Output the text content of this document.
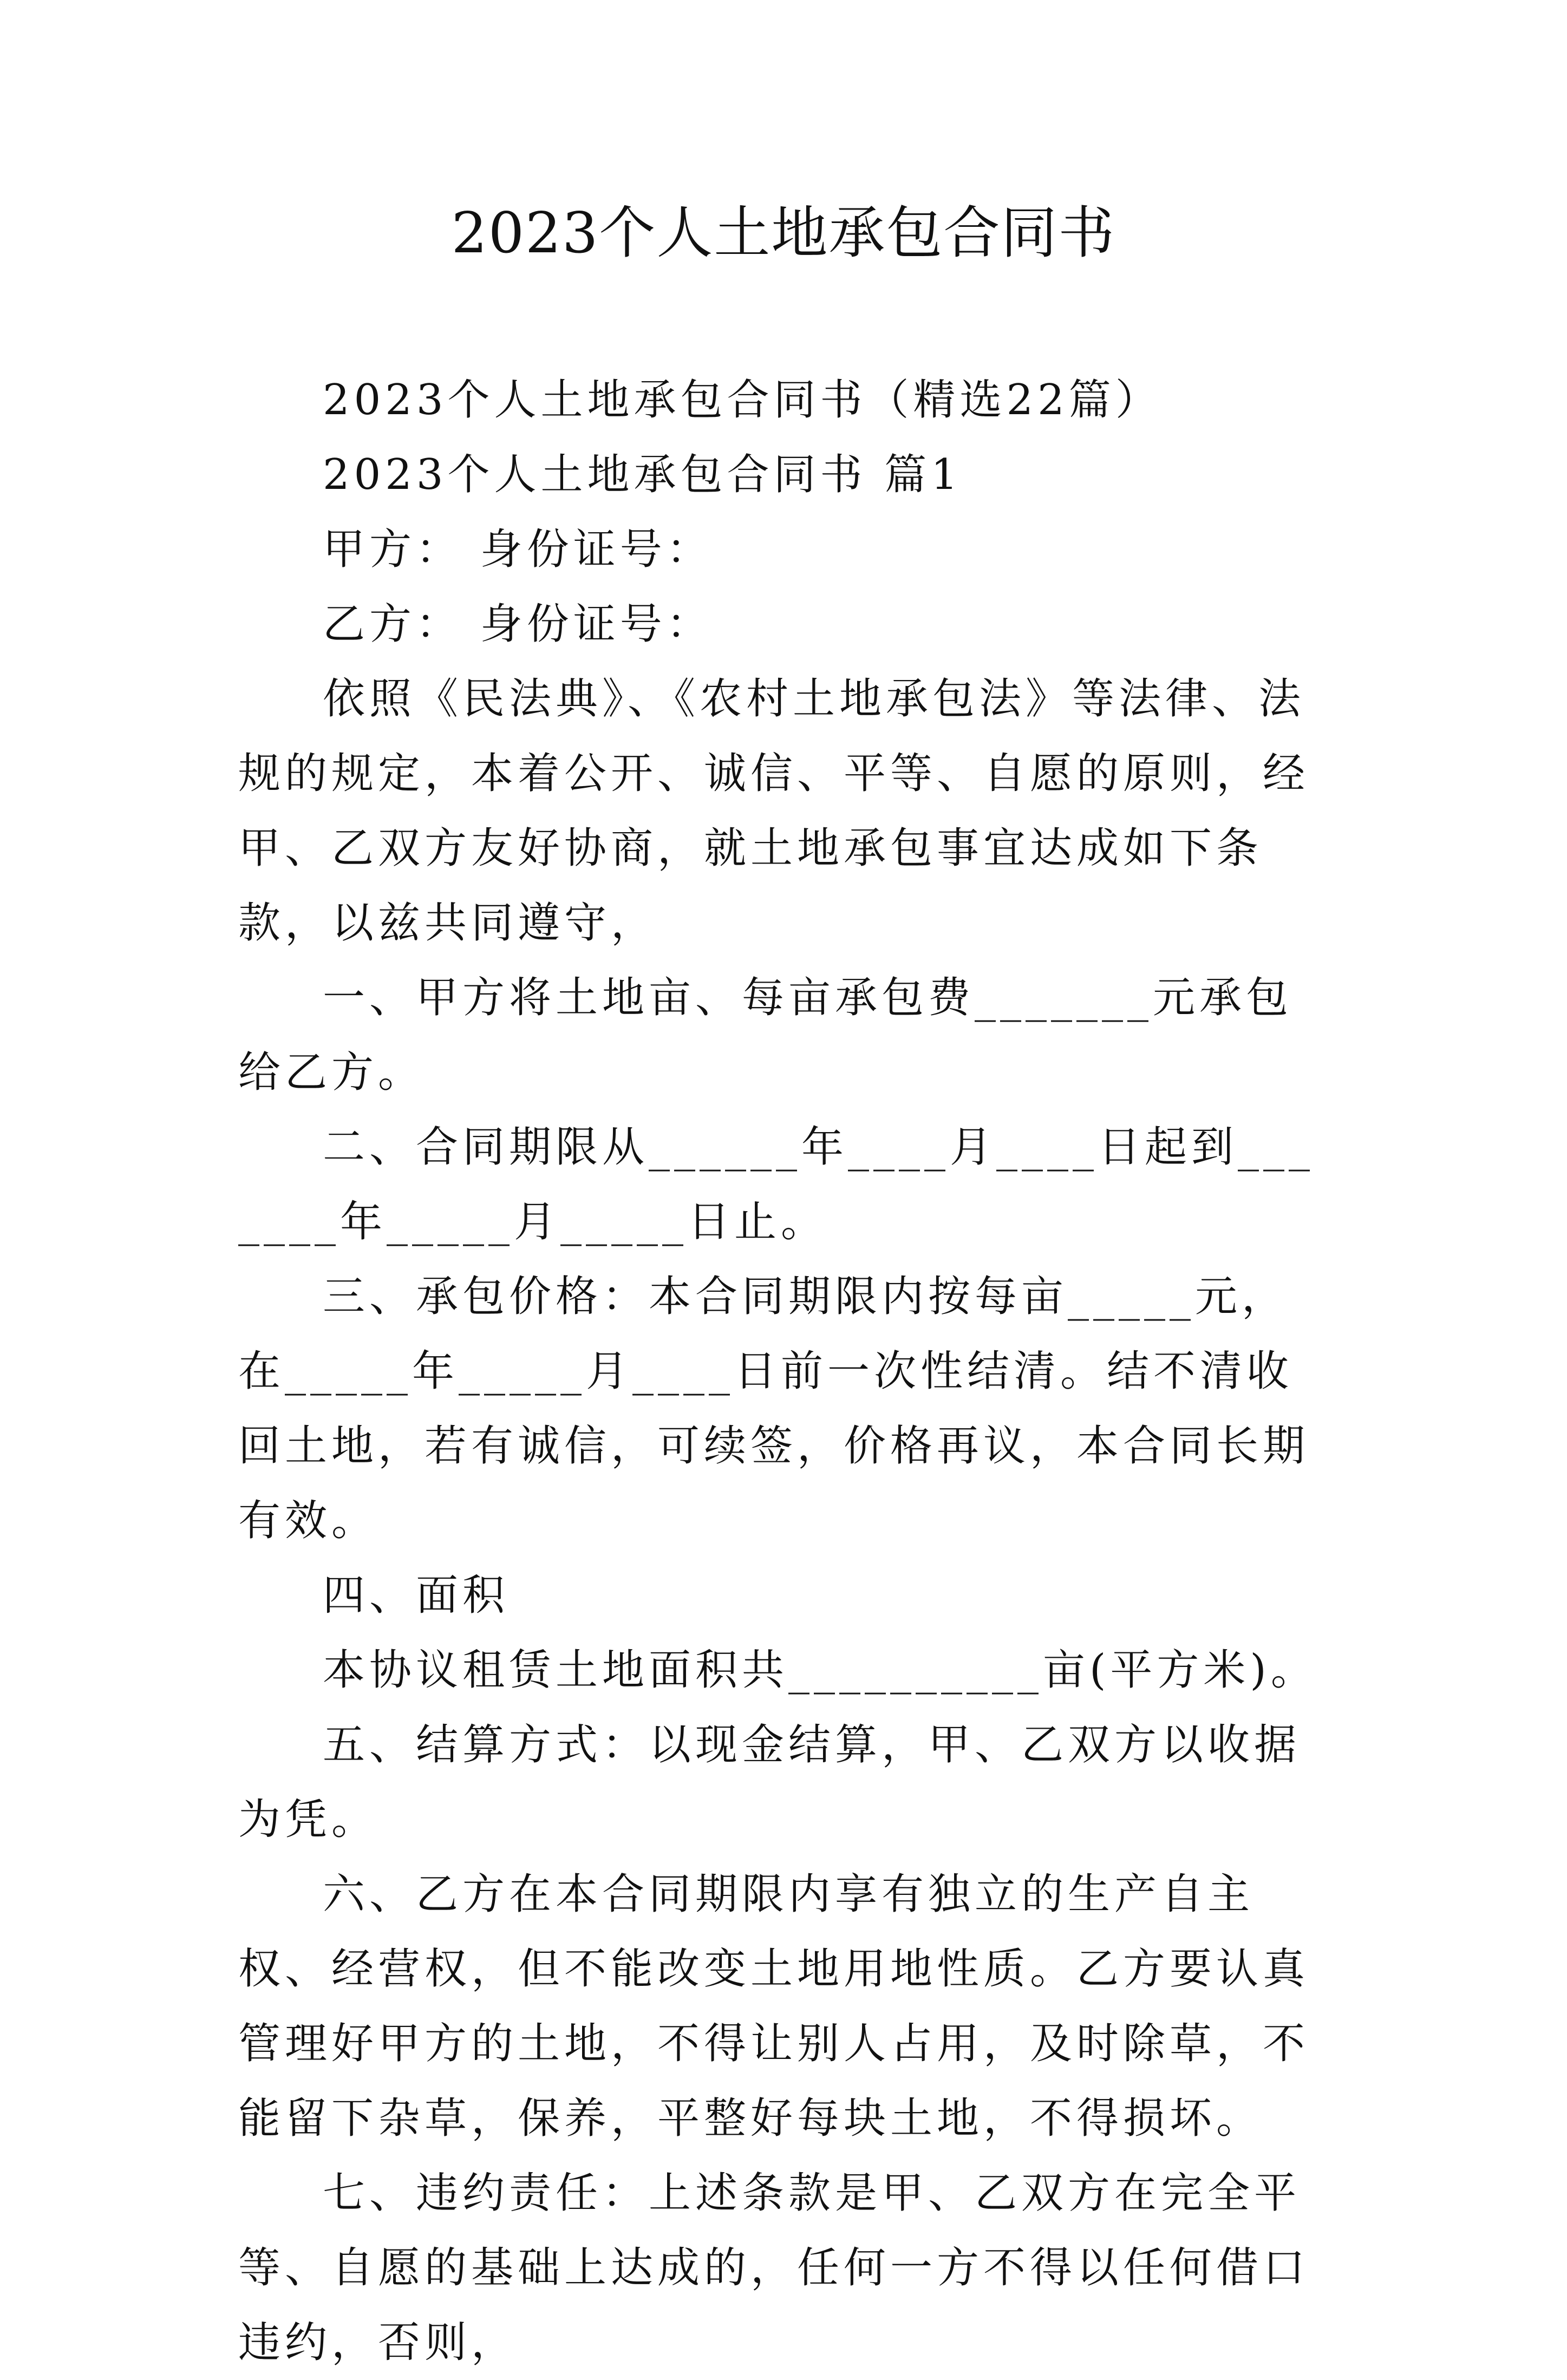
2023个人土地承包合同书

2023个人土地承包合同书（精选22篇）

2023个人土地承包合同书 篇1

甲方： 身份证号：

乙方： 身份证号：

依照《民法典》、《农村土地承包法》等法律、法规的规定，本着公开、诚信、平等、自愿的原则，经甲、乙双方友好协商，就土地承包事宜达成如下条款，以兹共同遵守，

一、甲方将土地亩、每亩承包费_______元承包给乙方。

二、合同期限从______年____月____日起到_______年_____月_____日止。

三、承包价格：本合同期限内按每亩_____元，在_____年_____月____日前一次性结清。结不清收回土地，若有诚信，可续签，价格再议，本合同长期有效。

四、面积

本协议租赁土地面积共__________亩(平方米)。

五、结算方式：以现金结算，甲、乙双方以收据为凭。

六、乙方在本合同期限内享有独立的生产自主权、经营权，但不能改变土地用地性质。乙方要认真管理好甲方的土地，不得让别人占用，及时除草，不能留下杂草，保养，平整好每块土地，不得损坏。

七、违约责任：上述条款是甲、乙双方在完全平等、自愿的基础上达成的，任何一方不得以任何借口违约，否则，
